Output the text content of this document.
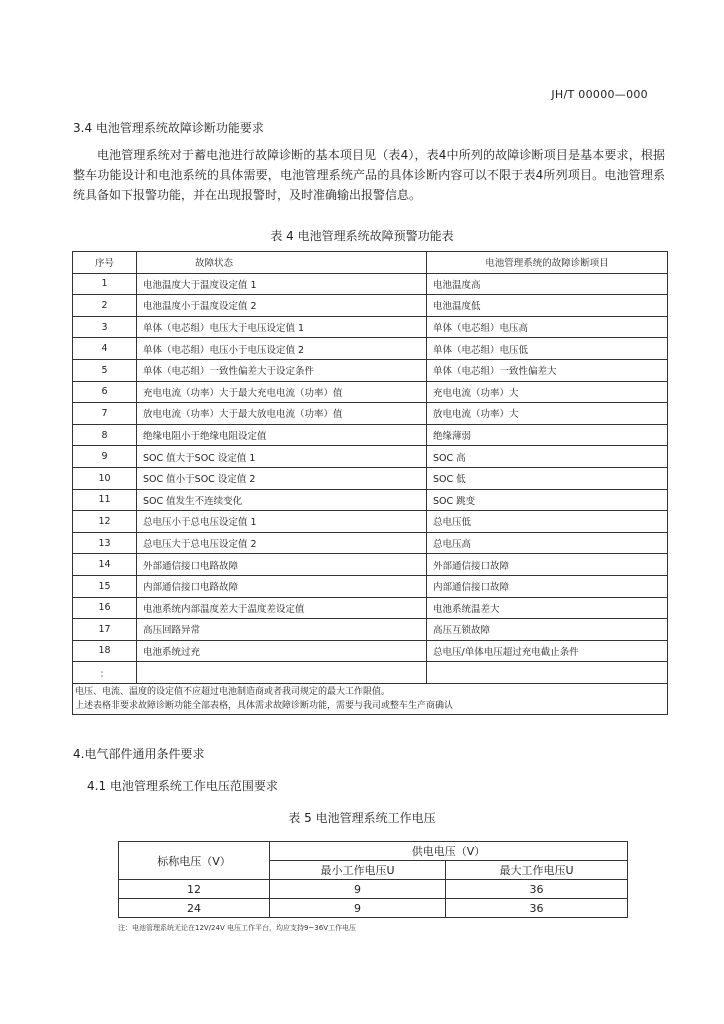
JH/T 00000—000
3.4 电池管理系统故障诊断功能要求

电池管理系统对于蓄电池进行故障诊断的基本项目见（表4），表4中所列的故障诊断项目是基本要求，根据整车功能设计和电池系统的具体需要，电池管理系统产品的具体诊断内容可以不限于表4所列项目。电池管理系统具备如下报警功能，并在出现报警时，及时准确输出报警信息。

表 4 电池管理系统故障预警功能表
序号	故障状态	电池管理系统的故障诊断项目
1	电池温度大于温度设定值 1	电池温度高
2	电池温度小于温度设定值 2	电池温度低
3	单体（电芯组）电压大于电压设定值 1	单体（电芯组）电压高
4	单体（电芯组）电压小于电压设定值 2	单体（电芯组）电压低
5	单体（电芯组）一致性偏差大于设定条件	单体（电芯组）一致性偏差大
6	充电电流（功率）大于最大充电电流（功率）值	充电电流（功率）大
7	放电电流（功率）大于最大放电电流（功率）值	放电电流（功率）大
8	绝缘电阻小于绝缘电阻设定值	绝缘薄弱
9	SOC 值大于SOC 设定值 1	SOC 高
10	SOC 值小于SOC 设定值 2	SOC 低
11	SOC 值发生不连续变化	SOC 跳变
12	总电压小于总电压设定值 1	总电压低
13	总电压大于总电压设定值 2	总电压高
14	外部通信接口电路故障	外部通信接口故障
15	内部通信接口电路故障	内部通信接口故障
16	电池系统内部温度差大于温度差设定值	电池系统温差大
17	高压回路异常	高压互锁故障
18	电池系统过充	总电压/单体电压超过充电截止条件
：		

电压、电流、温度的设定值不应超过电池制造商或者我司规定的最大工作限值。
上述表格非要求故障诊断功能全部表格，具体需求故障诊断功能，需要与我司或整车生产商确认		
4.电气部件通用条件要求
4.1 电池管理系统工作电压范围要求
表 5 电池管理系统工作电压
标称电压（V）	供电电压（V）	
	最小工作电压U	最大工作电压U
12	9	36
24	9	36
注：电池管理系统无论在12V/24V 电压工作平台，均应支持9~36V工作电压
